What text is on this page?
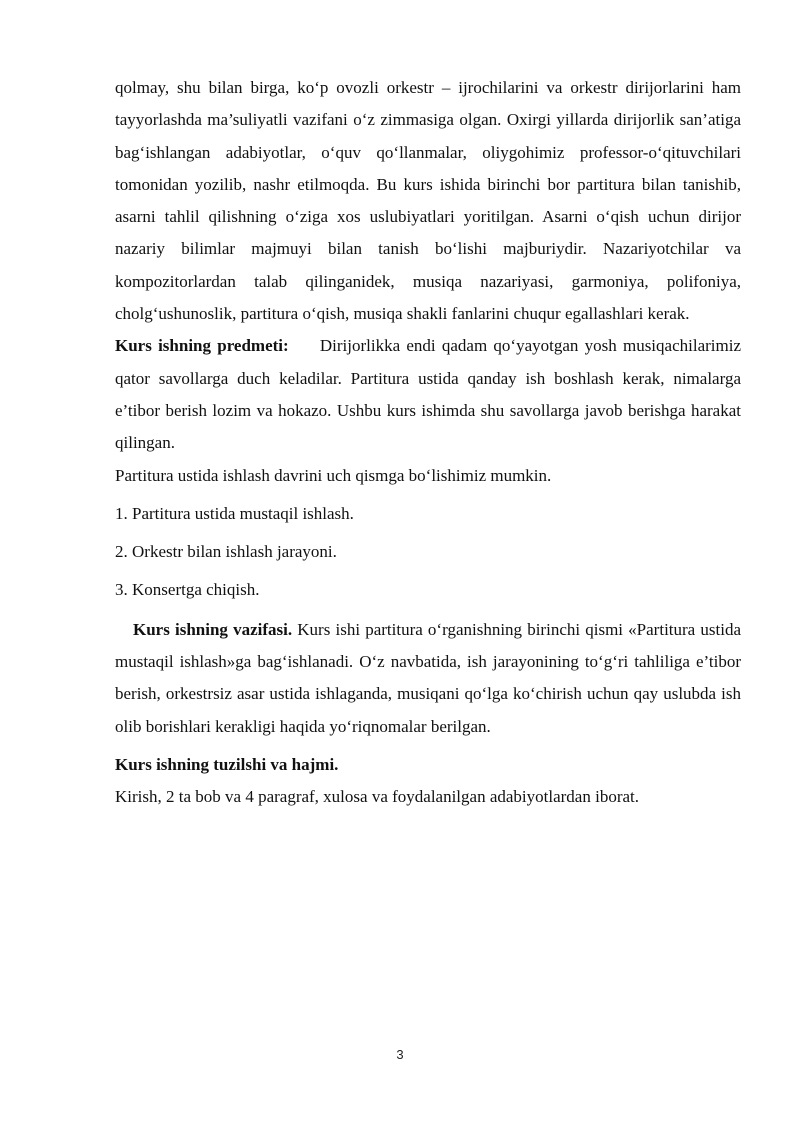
qolmay, shu bilan birga, ko‘p ovozli orkestr – ijrochilarini va orkestr dirijorlarini ham tayyorlashda ma’suliyatli vazifani o‘z zimmasiga olgan. Oxirgi yillarda dirijorlik san’atiga bag‘ishlangan adabiyotlar, o‘quv qo‘llanmalar, oliygohimiz professor-o‘qituvchilari tomonidan yozilib, nashr etilmoqda. Bu kurs ishida birinchi bor partitura bilan tanishib, asarni tahlil qilishning o‘ziga xos uslubiyatlari yoritilgan. Asarni o‘qish uchun dirijor nazariy bilimlar majmuyi bilan tanish bo‘lishi majburiydir. Nazariyotchilar va kompozitorlardan talab qilinganidek, musiqa nazariyasi, garmoniya, polifoniya, cholg‘ushunoslik, partitura o‘qish, musiqa shakli fanlarini chuqur egallashlari kerak.

Kurs ishning predmeti: Dirijorlikka endi qadam qo‘yayotgan yosh musiqachilarimiz qator savollarga duch keladilar. Partitura ustida qanday ish boshlash kerak, nimalarga e’tibor berish lozim va hokazo. Ushbu kurs ishimda shu savollarga javob berishga harakat qilingan.

Partitura ustida ishlash davrini uch qismga bo‘lishimiz mumkin.

1. Partitura ustida mustaqil ishlash.

2. Orkestr bilan ishlash jarayoni.

3. Konsertga chiqish.

Kurs ishning vazifasi. Kurs ishi partitura o‘rganishning birinchi qismi «Partitura ustida mustaqil ishlash»ga bag‘ishlanadi. O‘z navbatida, ish jarayonining to‘g‘ri tahliliga e’tibor berish, orkestrsiz asar ustida ishlaganda, musiqani qo‘lga ko‘chirish uchun qay uslubda ish olib borishlari kerakligi haqida yo‘riqnomalar berilgan.

Kurs ishning tuzilshi va hajmi.

Kirish, 2 ta bob va 4 paragraf, xulosa va foydalanilgan adabiyotlardan iborat.

3
